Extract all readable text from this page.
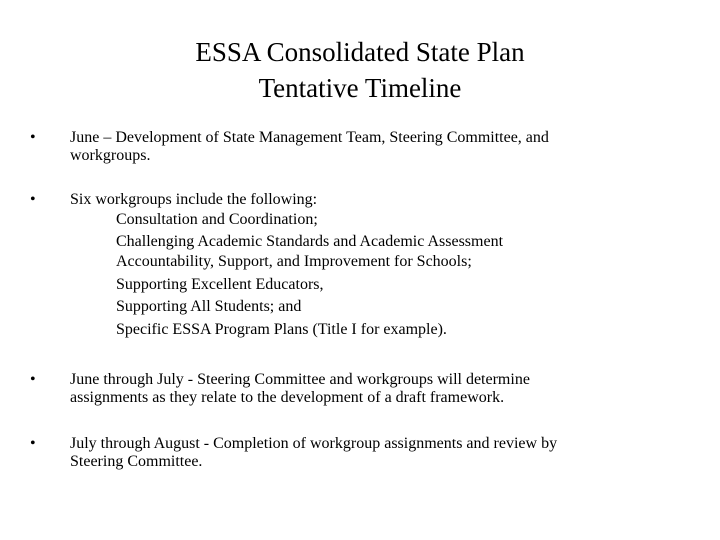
ESSA Consolidated State Plan
Tentative Timeline
•	June – Development of State Management Team, Steering Committee, and
workgroups.
•	Six workgroups include the following:
Consultation and Coordination;
Challenging Academic Standards and Academic Assessment
Accountability, Support, and Improvement for Schools;
Supporting Excellent Educators,
Supporting All Students; and
Specific ESSA Program Plans (Title I for example).
•	June through July - Steering Committee and workgroups will determine
assignments as they relate to the development of a draft framework.
•	July through August - Completion of workgroup assignments and review by
Steering Committee.
